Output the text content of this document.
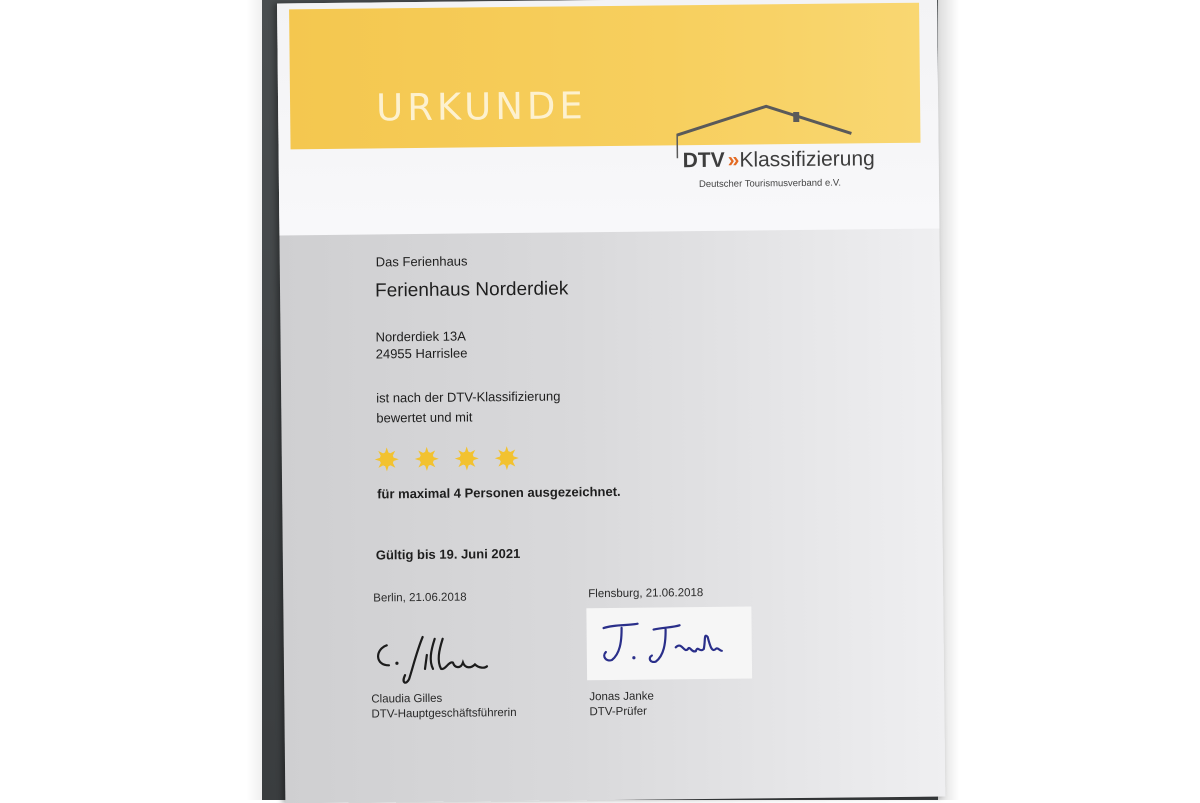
URKUNDE
DTV » Klassifizierung
Deutscher Tourismusverband e.V.
Das Ferienhaus
Ferienhaus Norderdiek
Norderdiek 13A
24955 Harrislee
ist nach der DTV-Klassifizierung
bewertet und mit
für maximal 4 Personen ausgezeichnet.
Gültig bis 19. Juni 2021
Berlin, 21.06.2018	Flensburg, 21.06.2018
Claudia Gilles
DTV-Hauptgeschäftsführerin
Jonas Janke
DTV-Prüfer
